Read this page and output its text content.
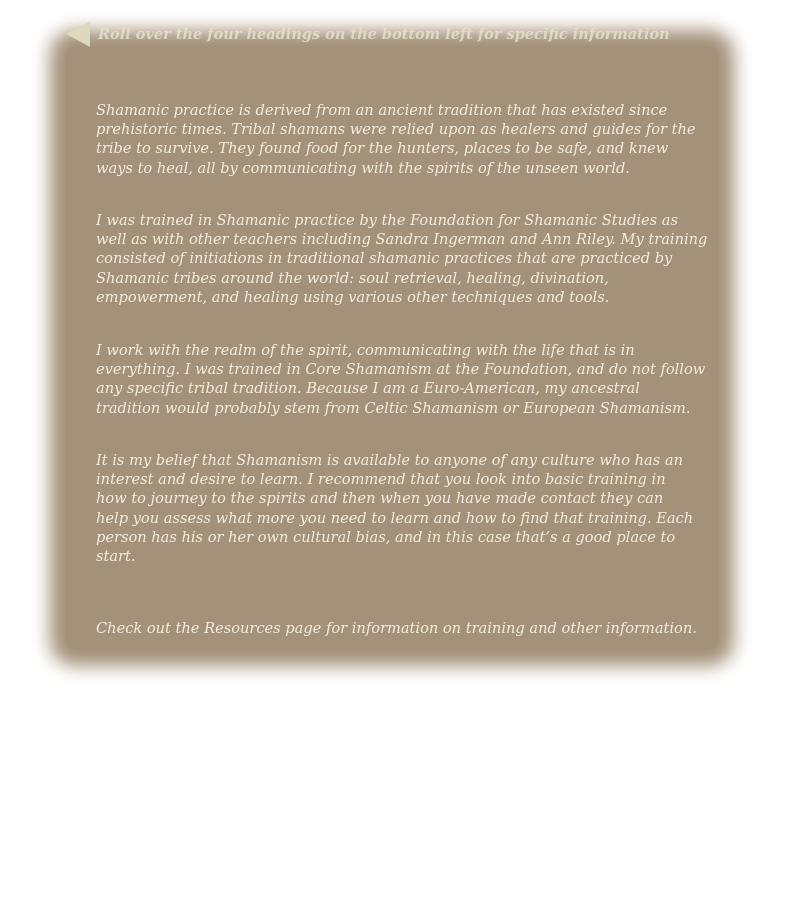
Roll over the four headings on the bottom left for specific information

Shamanic practice is derived from an ancient tradition that has existed since prehistoric times. Tribal shamans were relied upon as healers and guides for the tribe to survive. They found food for the hunters, places to be safe, and knew ways to heal, all by communicating with the spirits of the unseen world.

I was trained in Shamanic practice by the Foundation for Shamanic Studies as well as with other teachers including Sandra Ingerman and Ann Riley. My training consisted of initiations in traditional shamanic practices that are practiced by Shamanic tribes around the world: soul retrieval, healing, divination, empowerment, and healing using various other techniques and tools.

I work with the realm of the spirit, communicating with the life that is in everything. I was trained in Core Shamanism at the Foundation, and do not follow any specific tribal tradition. Because I am a Euro-American, my ancestral tradition would probably stem from Celtic Shamanism or European Shamanism.

It is my belief that Shamanism is available to anyone of any culture who has an interest and desire to learn. I recommend that you look into basic training in how to journey to the spirits and then when you have made contact they can help you assess what more you need to learn and how to find that training. Each person has his or her own cultural bias, and in this case that’s a good place to start.

Check out the Resources page for information on training and other information.
